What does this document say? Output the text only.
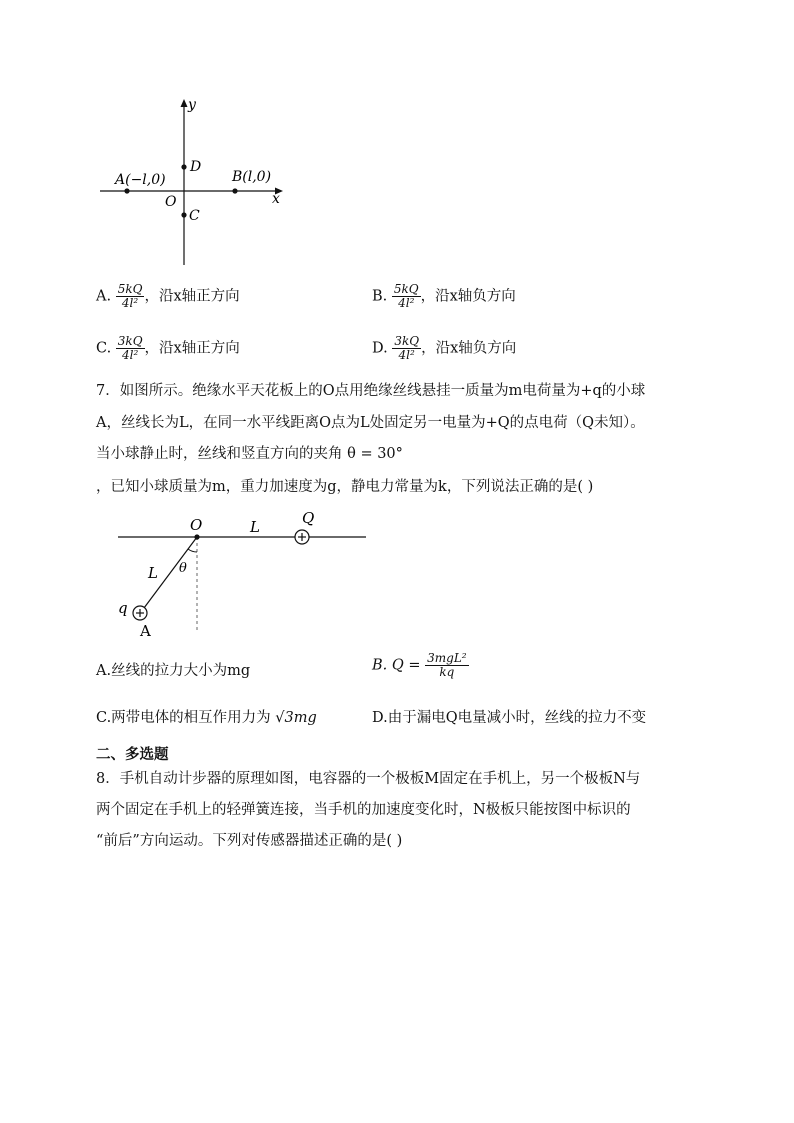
y
x
O
A(−l,0)	B(l,0)
D
C
A. $\frac{5kQ}{\text{4l²}}$ ，沿x轴正方向	B. $\frac{5kQ}{\text{4l²}}$ ，沿x轴负方向
C. $\frac{3kQ}{\text{4l²}}$ ，沿x轴正方向	D. $\frac{3kQ}{\text{4l²}}$ ，沿x轴负方向
7．如图所示。绝缘水平天花板上的O点用绝缘丝线悬挂一质量为m电荷量为+q的小球
A，丝线长为L，在同一水平线距离O点为L处固定另一电量为+Q的点电荷（Q未知）。
当小球静止时，丝线和竖直方向的夹角 θ = 30°
，已知小球质量为m，重力加速度为g，静电力常量为k，下列说法正确的是( )
O	L	Q
L θ
q
A
A.丝线的拉力大小为mg	B. $Q = \frac{\text{3mgL²}}{kq}$
C.两带电体的相互作用力为 √3mg	D.由于漏电Q电量减小时，丝线的拉力不变
二、多选题
8．手机自动计步器的原理如图，电容器的一个极板M固定在手机上，另一个极板N与
两个固定在手机上的轻弹簧连接，当手机的加速度变化时，N极板只能按图中标识的
“前后”方向运动。下列对传感器描述正确的是( )
